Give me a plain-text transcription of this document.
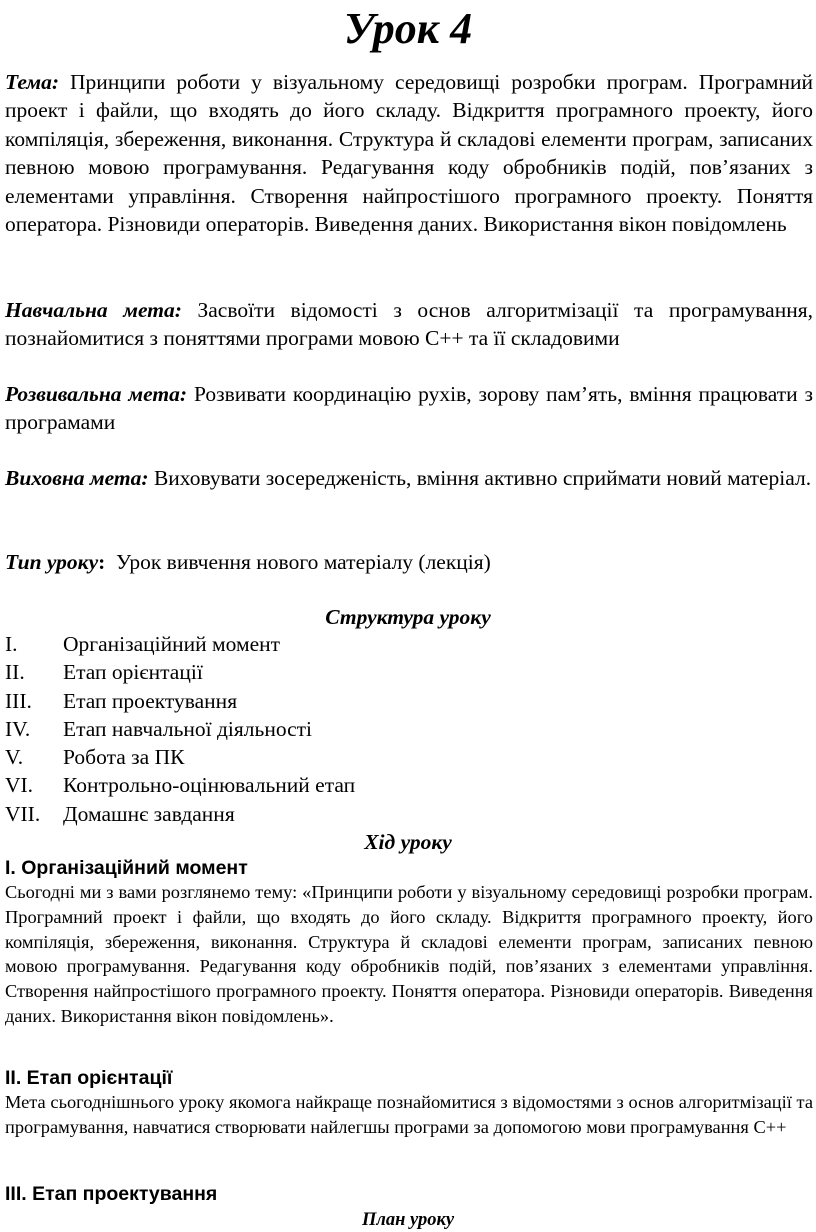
Урок 4
Тема: Принципи роботи у візуальному середовищі розробки програм. Програмний проект і файли, що входять до його складу. Відкриття програмного проекту, його компіляція, збереження, виконання. Структура й складові елементи програм, записаних певною мовою програмування. Редагування коду обробників подій, пов’язаних з елементами управління. Створення найпростішого програмного проекту. Поняття оператора. Різновиди операторів. Виведення даних. Використання вікон повідомлень
Навчальна мета: Засвоїти відомості з основ алгоритмізації та програмування, познайомитися з поняттями програми мовою С++ та її складовими
Розвивальна мета: Розвивати координацію рухів, зорову пам’ять, вміння працювати з програмами
Виховна мета: Виховувати зосередженість, вміння активно сприймати новий матеріал.
Тип уроку: Урок вивчення нового матеріалу (лекція)
Структура уроку
I.	Організаційний момент
II.	Етап орієнтації
III.	Етап проектування
IV.	Етап навчальної діяльності
V.	Робота за ПК
VI.	Контрольно-оцінювальний етап
VII.	Домашнє завдання
Хід уроку
I. Організаційний момент
Сьогодні ми з вами розглянемо тему: «Принципи роботи у візуальному середовищі розробки програм. Програмний проект і файли, що входять до його складу. Відкриття програмного проекту, його компіляція, збереження, виконання. Структура й складові елементи програм, записаних певною мовою програмування. Редагування коду обробників подій, пов’язаних з елементами управління. Створення найпростішого програмного проекту. Поняття оператора. Різновиди операторів. Виведення даних. Використання вікон повідомлень».
II. Етап орієнтації
Мета сьогоднішнього уроку якомога найкраще познайомитися з відомостями з основ алгоритмізації та програмування, навчатися створювати найлегшы програми за допомогою мови програмування С++
III. Етап проектування
План уроку
